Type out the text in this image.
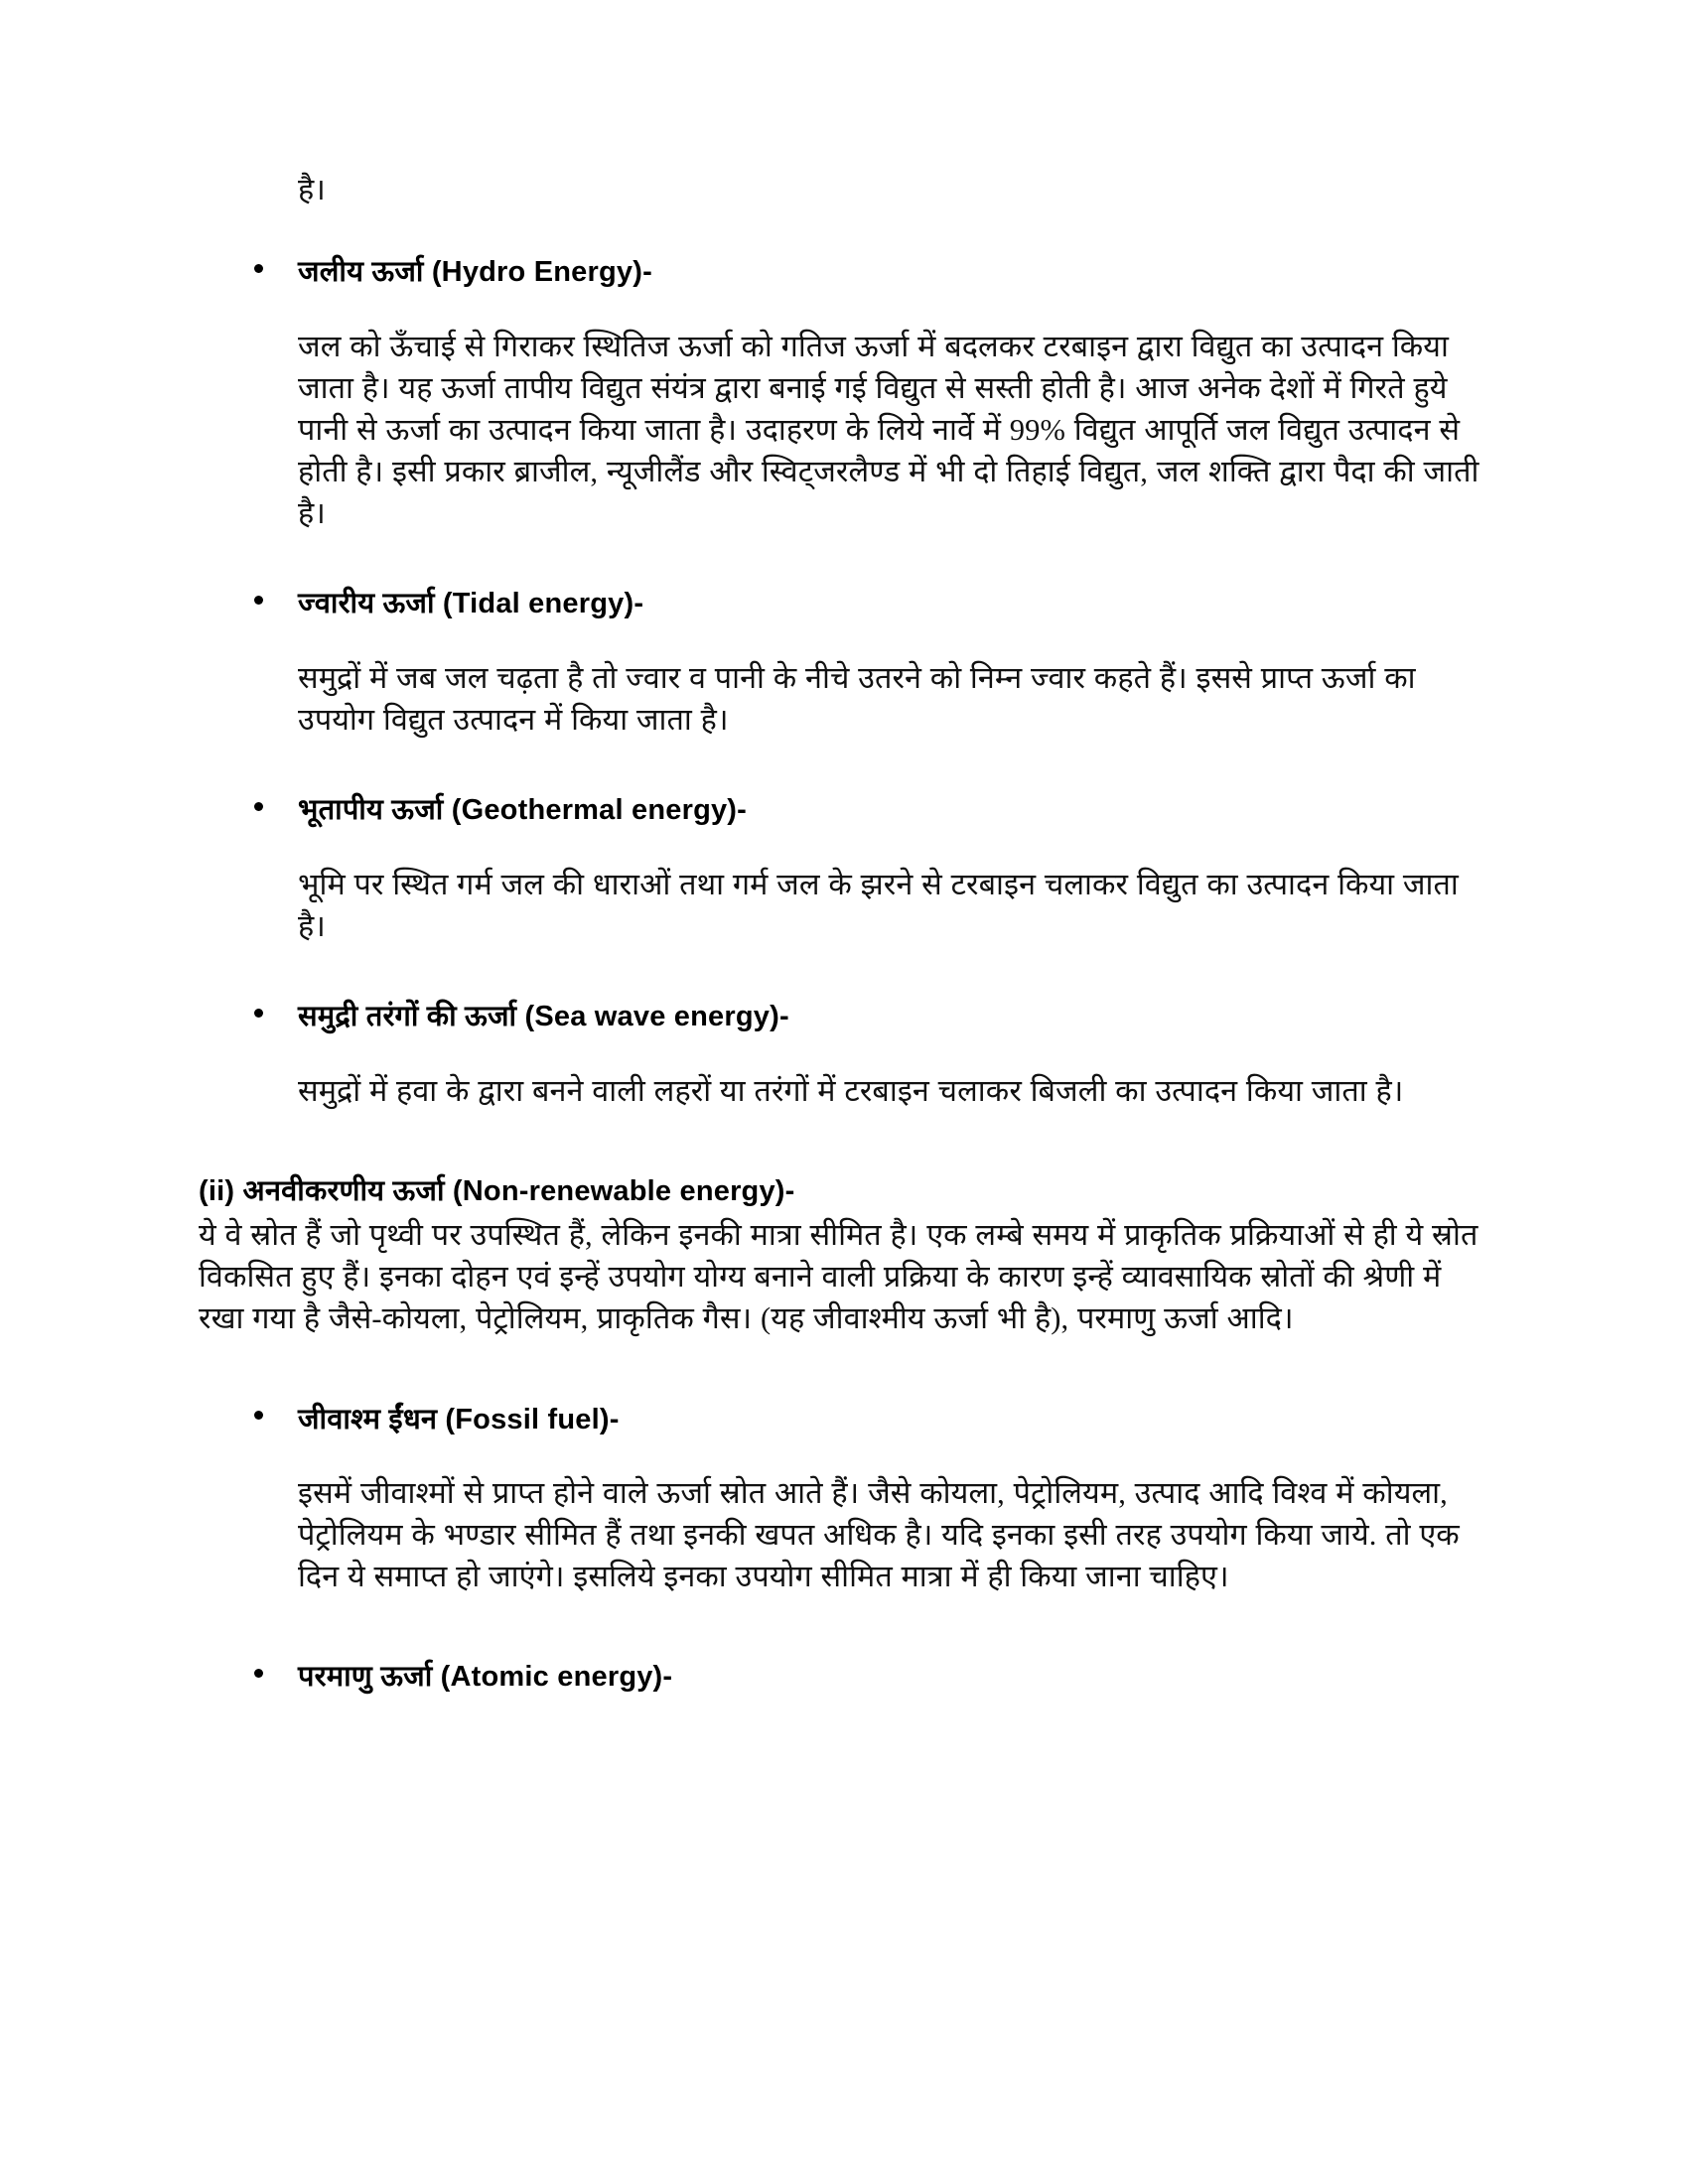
है।

जलीय ऊर्जा (Hydro Energy)-

जल को ऊँचाई से गिराकर स्थितिज ऊर्जा को गतिज ऊर्जा में बदलकर टरबाइन द्वारा विद्युत का उत्पादन किया जाता है। यह ऊर्जा तापीय विद्युत संयंत्र द्वारा बनाई गई विद्युत से सस्ती होती है। आज अनेक देशों में गिरते हुये पानी से ऊर्जा का उत्पादन किया जाता है। उदाहरण के लिये नार्वे में 99% विद्युत आपूर्ति जल विद्युत उत्पादन से होती है। इसी प्रकार ब्राजील, न्यूजीलैंड और स्विट्जरलैण्ड में भी दो तिहाई विद्युत, जल शक्ति द्वारा पैदा की जाती है।

ज्वारीय ऊर्जा (Tidal energy)-

समुद्रों में जब जल चढ़ता है तो ज्वार व पानी के नीचे उतरने को निम्न ज्वार कहते हैं। इससे प्राप्त ऊर्जा का उपयोग विद्युत उत्पादन में किया जाता है।

भूतापीय ऊर्जा (Geothermal energy)-

भूमि पर स्थित गर्म जल की धाराओं तथा गर्म जल के झरने से टरबाइन चलाकर विद्युत का उत्पादन किया जाता है।

समुद्री तरंगों की ऊर्जा (Sea wave energy)-

समुद्रों में हवा के द्वारा बनने वाली लहरों या तरंगों में टरबाइन चलाकर बिजली का उत्पादन किया जाता है।

(ii) अनवीकरणीय ऊर्जा (Non-renewable energy)-

ये वे स्रोत हैं जो पृथ्वी पर उपस्थित हैं, लेकिन इनकी मात्रा सीमित है। एक लम्बे समय में प्राकृतिक प्रक्रियाओं से ही ये स्रोत विकसित हुए हैं। इनका दोहन एवं इन्हें उपयोग योग्य बनाने वाली प्रक्रिया के कारण इन्हें व्यावसायिक स्रोतों की श्रेणी में रखा गया है जैसे-कोयला, पेट्रोलियम, प्राकृतिक गैस। (यह जीवाश्मीय ऊर्जा भी है), परमाणु ऊर्जा आदि।

जीवाश्म ईंधन (Fossil fuel)-

इसमें जीवाश्मों से प्राप्त होने वाले ऊर्जा स्रोत आते हैं। जैसे कोयला, पेट्रोलियम, उत्पाद आदि विश्व में कोयला, पेट्रोलियम के भण्डार सीमित हैं तथा इनकी खपत अधिक है। यदि इनका इसी तरह उपयोग किया जाये. तो एक दिन ये समाप्त हो जाएंगे। इसलिये इनका उपयोग सीमित मात्रा में ही किया जाना चाहिए।

परमाणु ऊर्जा (Atomic energy)-
